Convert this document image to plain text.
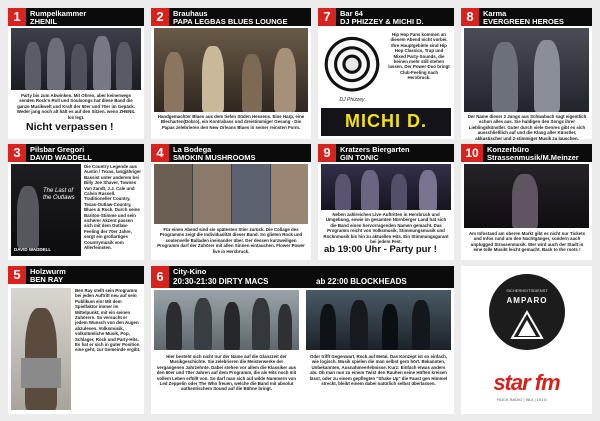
1	Rumpelkammer
ZHENIL
Party bis zum Abwinken. Mit Ohren, aber keinerwegs senden Rock'n Roll und Soulsongs hat diese Band die ganze Musikwelt und Kraft der 60er und 70er im Gepäck. Weder jang noch alt hält es auf den Sitzen, wenn ZHENIL los legt.
Nicht verpassen !
2	Brauhaus
PAPA LEGBAS BLUES LOUNGE
Handgemachter Blues aus dem tiefen Süden Hessens. Eine Harp, eine Blecharten(Dobro), ein Kontrabass und dreistimmiger Gesang - Die Papas zelebrieren den New Orleans Blues in seiner reinsten Form.
7	Bar 64
DJ PHIZZEY & MICHI D.
DJ Phizzey
Hip Hop Fans kommen an diesem Abend nicht vorbei. Ihre Hauptgebiete sind Hip Hop Classics, Trap und Mixed Party-Sounds, die keinen mehr still stehen lassen. Der Power-Duo bringt Club-Feeling nach Herxbruck.
MICHI D.
8	Karma
EVERGREEN HEROES
Der Name dieser 2 Jungs aus Schwabach sagt eigentlich schon alles aus. Sie huldigen den Songs ihrer Lieblingskünstler. Guter durch viele Genres gibt es sich ausschließlich auf und die Klang aller Künstler, akkustischer und 2-stimmiger Musik zu lauschen.
3	Pilsbar Gregori
DAVID WADDELL
The Last of the Outlaws
DAVID WADDELL
Die Country Legende aus Austin / Texas, langjähriger Bassist unter anderem bei Billy Joe Shaver, Townes Van Zandt, J.J. Cale und Calvin Russell. Traditioneller Country, Texas-Outlaw-Country, Blues & Rock. Durch seine Bariton-Stimme und sein sicherer Akzent passen sich mit dem Outlaw-Feeling der 70er Jahre, sorgt ein großartiges Countrymusik vom Allerfeinsten.
4	La Bodega
SMOKIN MUSHROOMS
Für einen Abend sind sie spätesten Stier zurück. Die Collage des Programms zeigt die Individualität dieser Band. So glieten Rock und soulenvelle Balladen ineinander über. Der dessen kurzweiligen Programm darf der Zuhörer mit allen Sinnen eintauchen. Flower Power live in Herxbruck.
9	Kratzers Biergarten
GIN TONIC
Neben zahlreichen Live-Auftritten in Hersbruck und Umgebung, sowie im gesamten Nürnberger Land hat sich die Band einen hervorragenden Namen gemacht. Das Programm reicht von Volksmusik, Stimmungsmusik und Rocknmusik bis hin zu aktuellen Hits. Ein Stimmungsgarant bei jedem Fest.
ab 19:00 Uhr - Party pur !
10	Konzerbüro
Strassenmusik/M.Meinzer
Am Infostand am oberen Markt gibt es nicht nur Tickets und Infos rund um den Nachtgänger, sondern auch unplugged Strassenmusik. Wer wird auch der Stadt in eine tolle Musikt leicht gemacht. Back to the roots !
5	Holzwurm
BEN RAY
Ben Ray stellt sein Programm bei jeden Auftritt neu auf sein Publikum ein! Mit dem Spielfaktor immer im Mittelpunkt, mit ein seinen Zuhörern. So versucht er jedem Wunsch von den Augen abzulesen. Volksmusik, volkstümliche Musik, Pop, Schlager, Rock und Party-Hits. Es hat er sich in guter Position eine geht, zur Gemeinde ergibt.
6	City-Kino
20:30-21:30 DIRTY MACS	ab 22:00 BLOCKHEADS
Hier besteht sich nicht nur der Name auf die Glanzzeit der Musikgeschichte. Sie zelebrieren die Meisterwerke der vergangenen Jahrzehnte. Dabei stehen vor allem die Klassiker aus den 60er und 70er Jahren auf dem Programm, die als Hits noch mit vollem Leben erfüllt von. So darf man sich auf wilde Nummern von Led Zeppelin oder The Who freuen, welche die Band mit absolut authentischem Sound auf die Bühne bringt.
Oder trifft Gegenwart, Rock auf Metal. Das Konzept ist so einfach, wie logisch. Musik spielen die man selbst gern hört. Bekannten, Unbekannten, Ausnahmeerlebnisse. Kurz: Einfach etwas anders als. Ob man nun zu einem Twist den Rauhen seine Hüften kreisen lässt, oder zu einem gepflegten "Shake Up" die Faust gen Himmel streckt, bleibt einem dabei natürlich selbst überlassen.
SICHERHEITSDIENST
AMPARO
star fm
ROCK RADIO | 98,4 | 101,6
